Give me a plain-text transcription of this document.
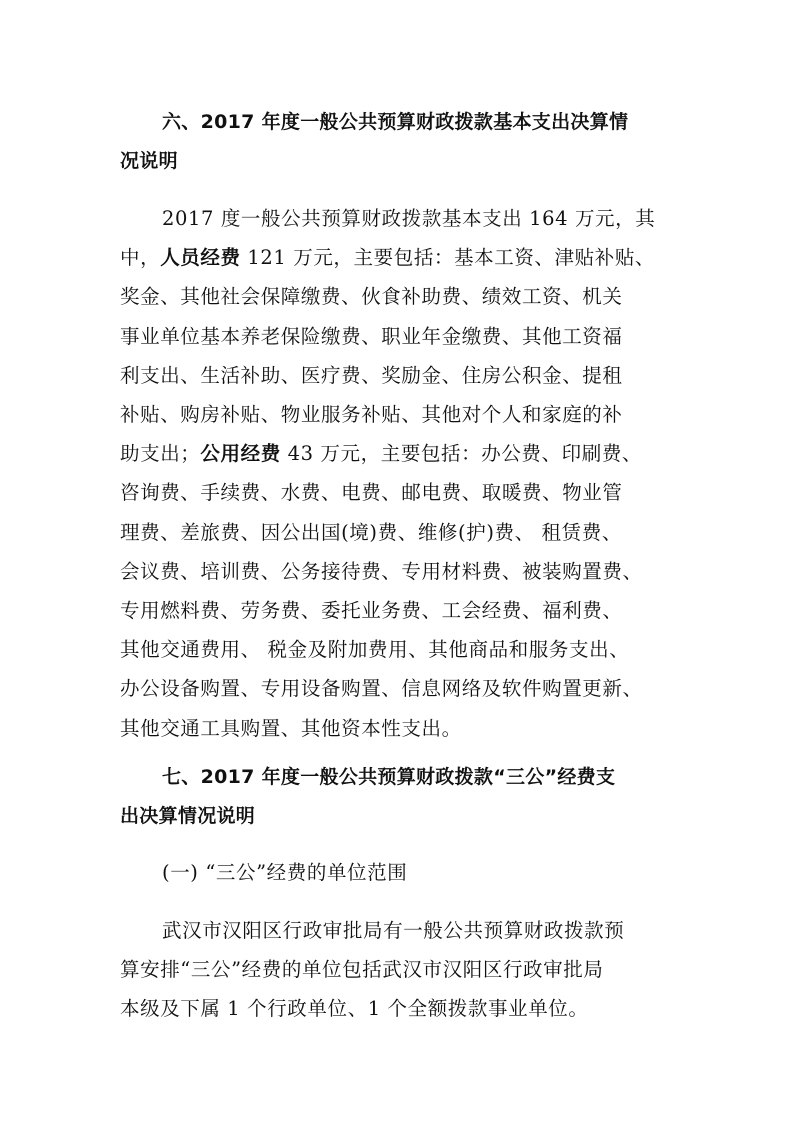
六、2017 年度一般公共预算财政拨款基本支出决算情
况说明
2017 度一般公共预算财政拨款基本支出 164 万元，其
中，人员经费 121 万元，主要包括：基本工资、津贴补贴、
奖金、其他社会保障缴费、伙食补助费、绩效工资、机关
事业单位基本养老保险缴费、职业年金缴费、其他工资福
利支出、生活补助、医疗费、奖励金、住房公积金、提租
补贴、购房补贴、物业服务补贴、其他对个人和家庭的补
助支出；公用经费 43 万元，主要包括：办公费、印刷费、
咨询费、手续费、水费、电费、邮电费、取暖费、物业管
理费、差旅费、因公出国(境)费、维修(护)费、 租赁费、
会议费、培训费、公务接待费、专用材料费、被装购置费、
专用燃料费、劳务费、委托业务费、工会经费、福利费、
其他交通费用、 税金及附加费用、其他商品和服务支出、
办公设备购置、专用设备购置、信息网络及软件购置更新、
其他交通工具购置、其他资本性支出。
七、2017 年度一般公共预算财政拨款“三公”经费支
出决算情况说明
(一) “三公”经费的单位范围
武汉市汉阳区行政审批局有一般公共预算财政拨款预
算安排“三公”经费的单位包括武汉市汉阳区行政审批局
本级及下属 1 个行政单位、1 个全额拨款事业单位。
